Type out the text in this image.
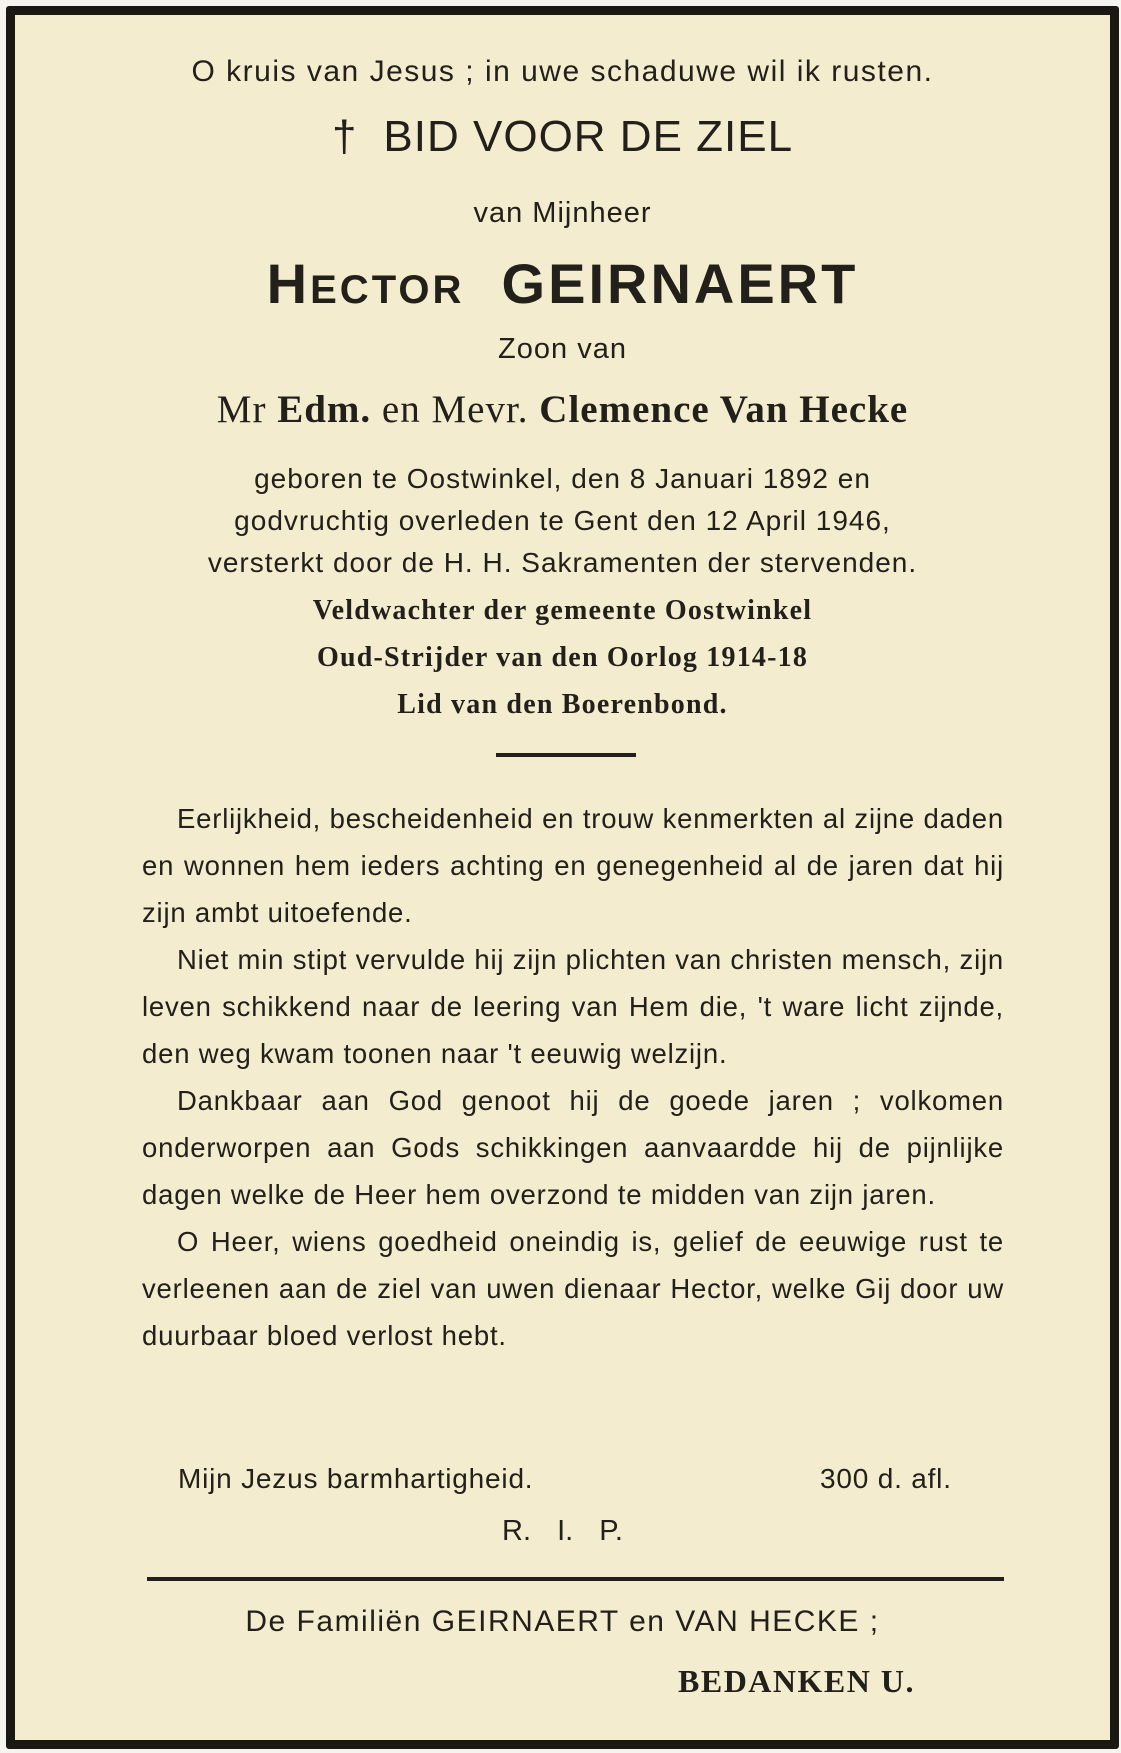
O kruis van Jesus ; in uwe schaduwe wil ik rusten.
† BID VOOR DE ZIEL
van Mijnheer
HECTOR GEIRNAERT
Zoon van
Mr Edm. en Mevr. Clemence Van Hecke
geboren te Oostwinkel, den 8 Januari 1892 en
godvruchtig overleden te Gent den 12 April 1946,
versterkt door de H. H. Sakramenten der stervenden.
Veldwachter der gemeente Oostwinkel
Oud-Strijder van den Oorlog 1914-18
Lid van den Boerenbond.

Eerlijkheid, bescheidenheid en trouw kenmerkten al zijne daden en wonnen hem ieders achting en genegenheid al de jaren dat hij zijn ambt uitoefende.

Niet min stipt vervulde hij zijn plichten van christen mensch, zijn leven schikkend naar de leering van Hem die, 't ware licht zijnde, den weg kwam toonen naar 't eeuwig welzijn.

Dankbaar aan God genoot hij de goede jaren ; volkomen onderworpen aan Gods schikkingen aanvaardde hij de pijnlijke dagen welke de Heer hem overzond te midden van zijn jaren.

O Heer, wiens goedheid oneindig is, gelief de eeuwige rust te verleenen aan de ziel van uwen dienaar Hector, welke Gij door uw duurbaar bloed verlost hebt.

Mijn Jezus barmhartigheid.	300 d. afl.
R. I. P.
De Familiën GEIRNAERT en VAN HECKE ;
BEDANKEN U.
